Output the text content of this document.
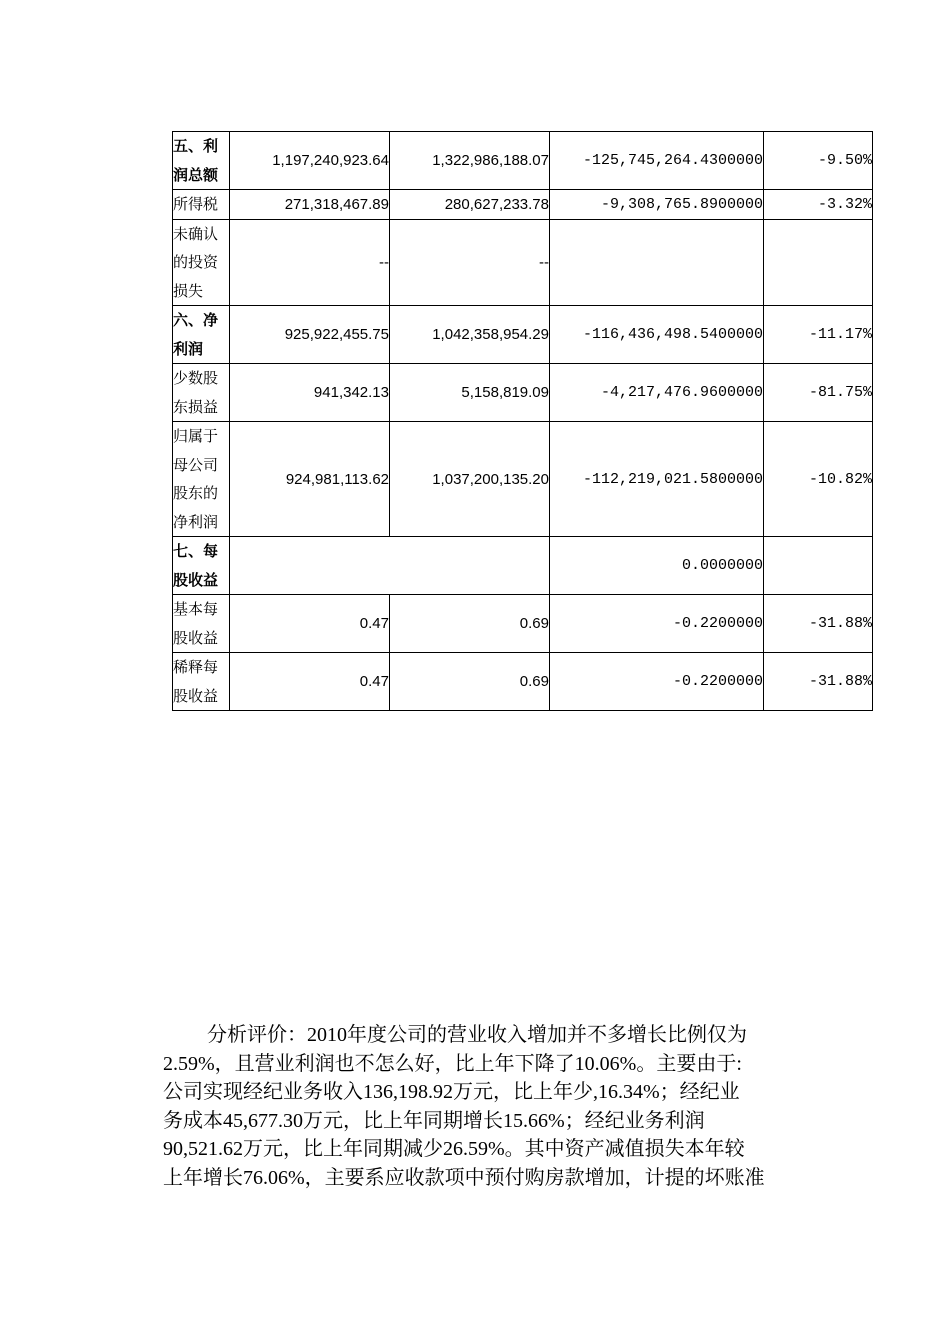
五、利润总额	1,197,240,923.64	1,322,986,188.07	-125,745,264.4300000	-9.50%
所得税	271,318,467.89	280,627,233.78	-9,308,765.8900000	-3.32%
未确认的投资损失	--	--		
六、净利润	925,922,455.75	1,042,358,954.29	-116,436,498.5400000	-11.17%
少数股东损益	941,342.13	5,158,819.09	-4,217,476.9600000	-81.75%
归属于母公司股东的净利润	924,981,113.62	1,037,200,135.20	-112,219,021.5800000	-10.82%
七、每股收益			0.0000000	
基本每股收益	0.47	0.69	-0.2200000	-31.88%
稀释每股收益	0.47	0.69	-0.2200000	-31.88%

分析评价：2010年度公司的营业收入增加并不多增长比例仅为

2.59%，且营业利润也不怎么好，比上年下降了10.06%。主要由于:

公司实现经纪业务收入136,198.92万元，比上年少,16.34%；经纪业

务成本45,677.30万元，比上年同期增长15.66%；经纪业务利润

90,521.62万元，比上年同期减少26.59%。其中资产减值损失本年较

上年增长76.06%，主要系应收款项中预付购房款增加，计提的坏账准
